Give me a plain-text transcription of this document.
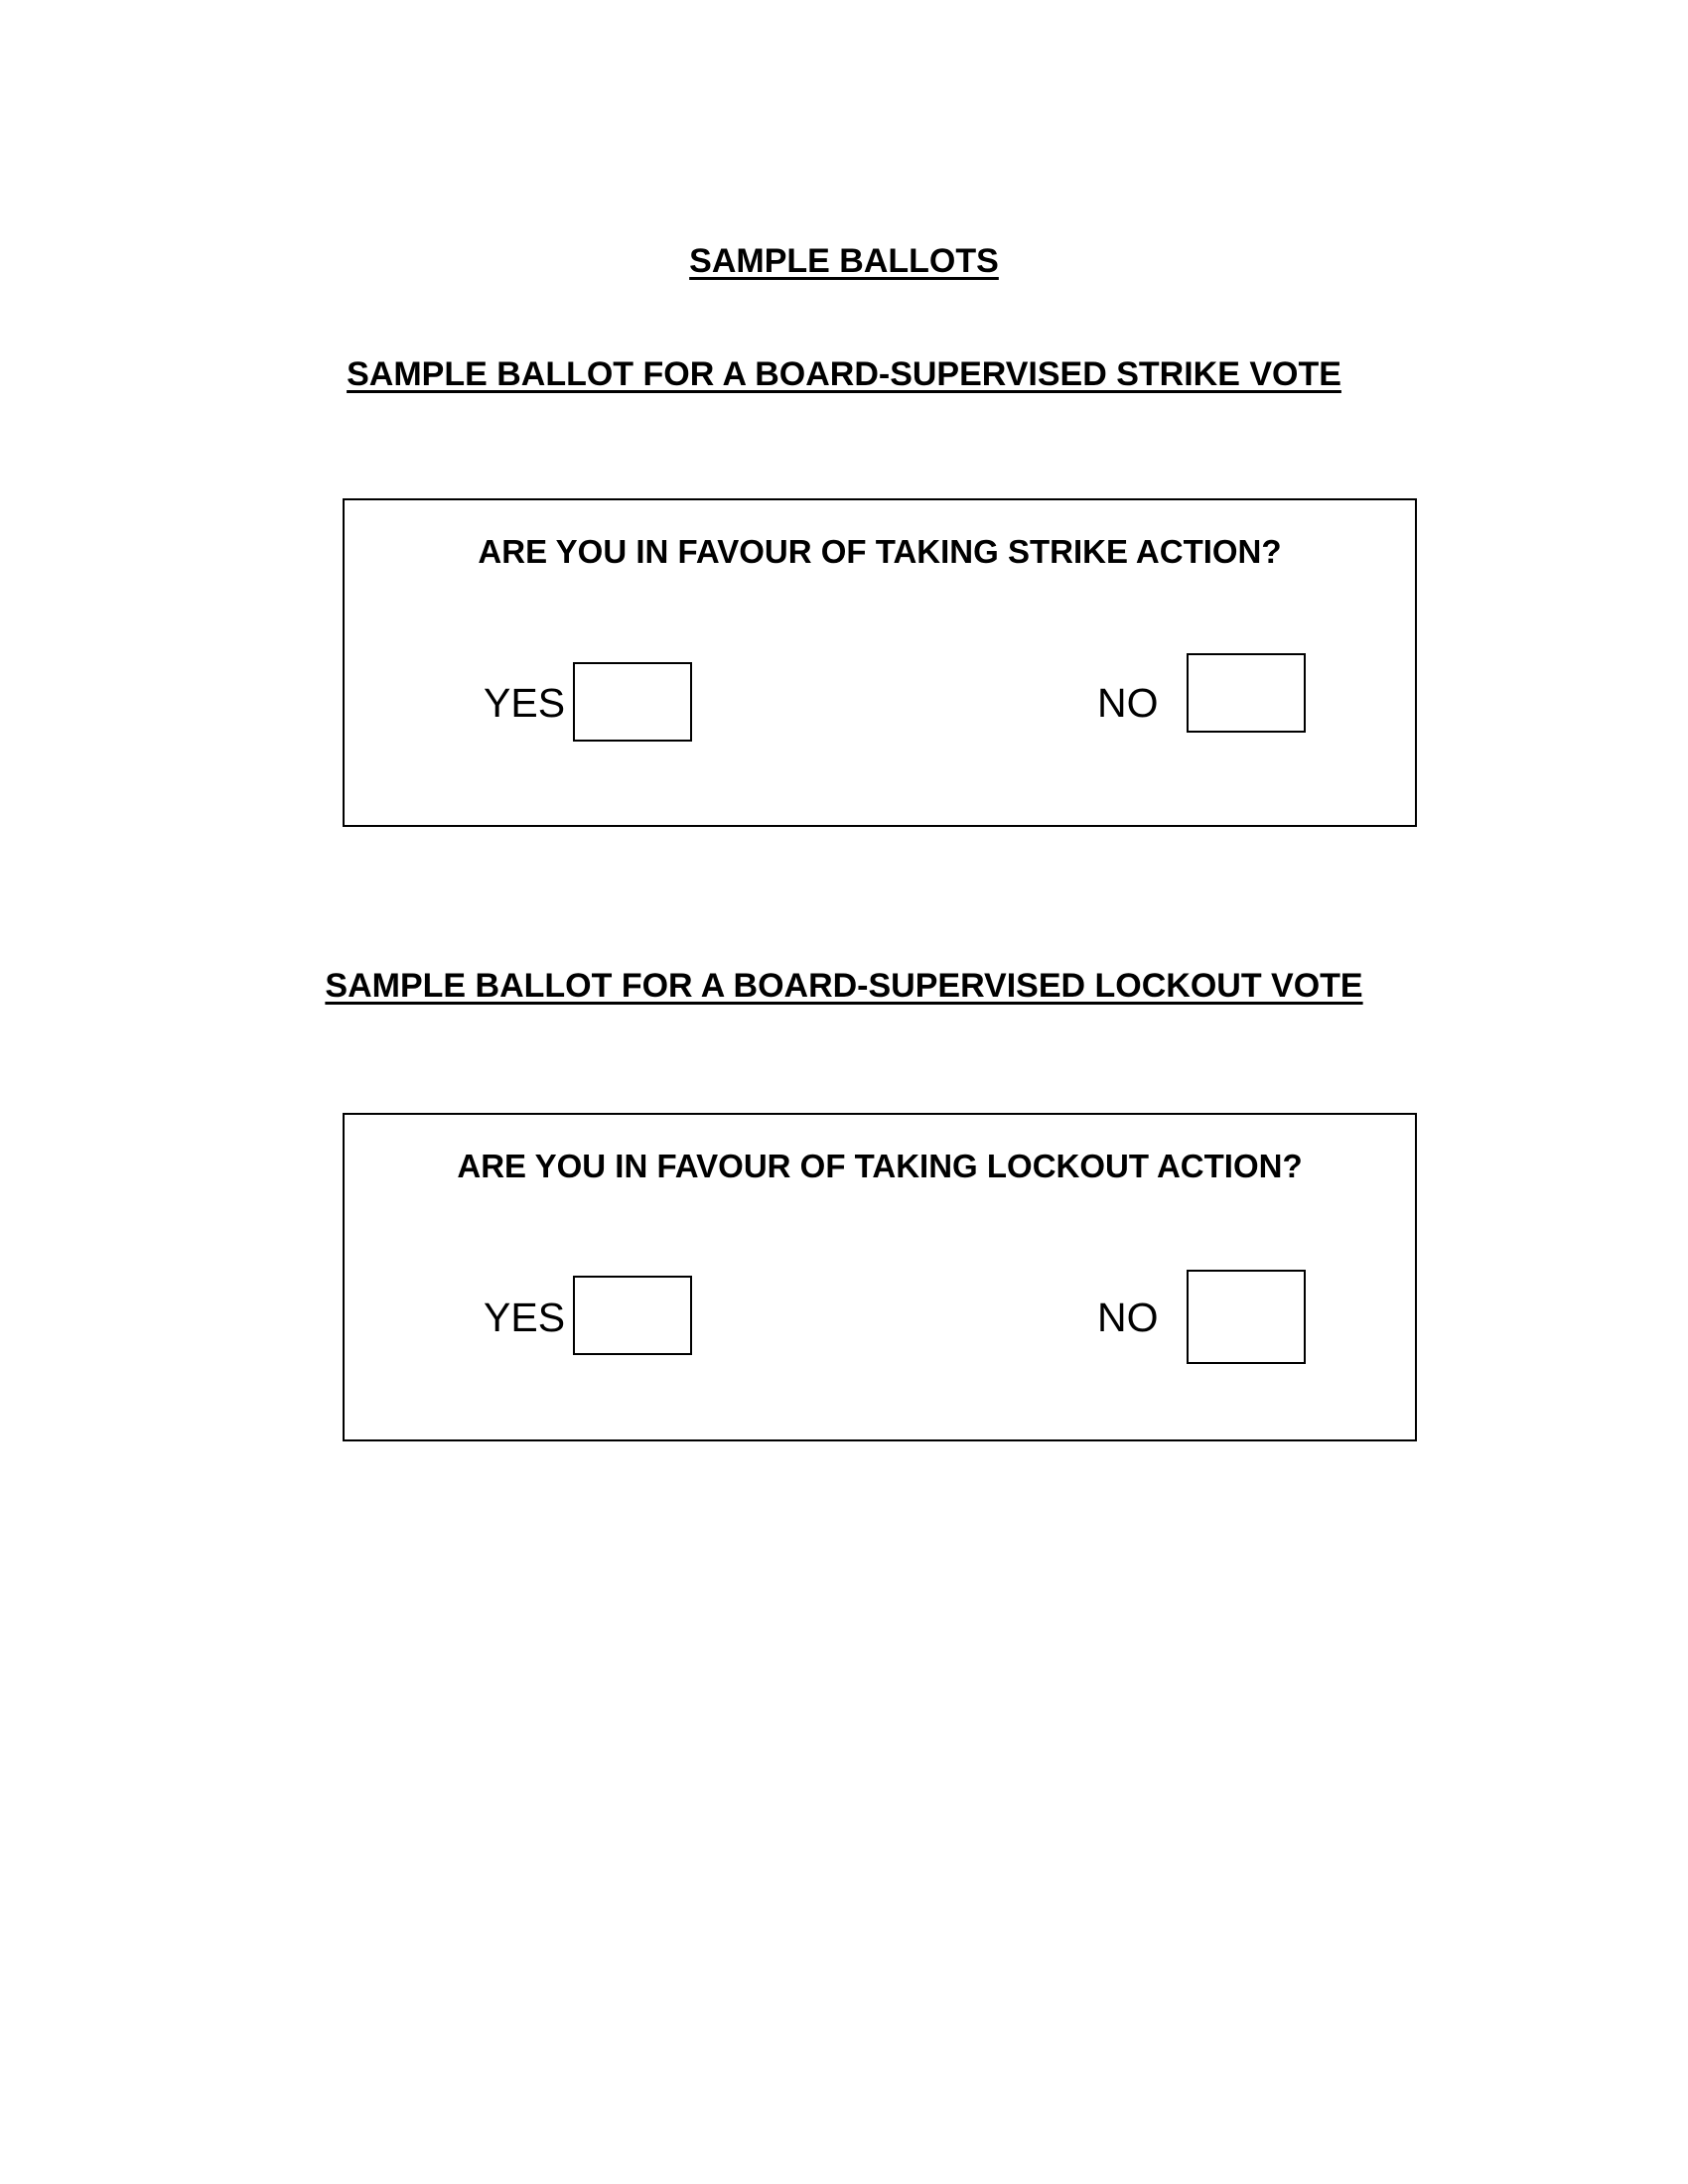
SAMPLE BALLOTS
SAMPLE BALLOT FOR A BOARD-SUPERVISED STRIKE VOTE

ARE YOU IN FAVOUR OF TAKING STRIKE ACTION?

YES	NO
SAMPLE BALLOT FOR A BOARD-SUPERVISED LOCKOUT VOTE

ARE YOU IN FAVOUR OF TAKING LOCKOUT ACTION?

YES	NO
